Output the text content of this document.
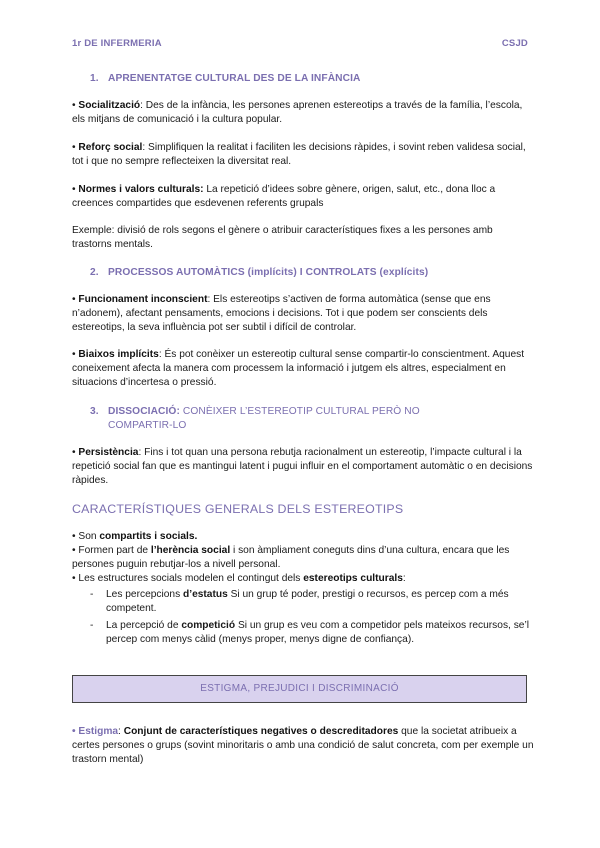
1r DE INFERMERIA	CSJD
1. APRENENTATGE CULTURAL DES DE LA INFÀNCIA
• Socialització: Des de la infància, les persones aprenen estereotips a través de la família, l’escola, els mitjans de comunicació i la cultura popular.
• Reforç social: Simplifiquen la realitat i faciliten les decisions ràpides, i sovint reben validesa social, tot i que no sempre reflecteixen la diversitat real.
• Normes i valors culturals: La repetició d’idees sobre gènere, origen, salut, etc., dona lloc a creences compartides que esdevenen referents grupals
Exemple: divisió de rols segons el gènere o atribuir característiques fixes a les persones amb trastorns mentals.
2. PROCESSOS AUTOMÀTICS (implícits) I CONTROLATS (explícits)
• Funcionament inconscient: Els estereotips s’activen de forma automàtica (sense que ens n’adonem), afectant pensaments, emocions i decisions. Tot i que podem ser conscients dels estereotips, la seva influència pot ser subtil i difícil de controlar.
• Biaixos implícits: És pot conèixer un estereotip cultural sense compartir-lo conscientment. Aquest coneixement afecta la manera com processem la informació i jutgem els altres, especialment en situacions d’incertesa o pressió.
3. DISSOCIACIÓ: CONÈIXER L’ESTEREOTIP CULTURAL PERÒ NO
COMPARTIR-LO
• Persistència: Fins i tot quan una persona rebutja racionalment un estereotip, l’impacte cultural i la repetició social fan que es mantingui latent i pugui influir en el comportament automàtic o en decisions ràpides.
CARACTERÍSTIQUES GENERALS DELS ESTEREOTIPS
• Son compartits i socials.
• Formen part de l’herència social i son àmpliament coneguts dins d’una cultura, encara que les persones puguin rebutjar-los a nivell personal.
• Les estructures socials modelen el contingut dels estereotips culturals:
- Les percepcions d’estatus Si un grup té poder, prestigi o recursos, es percep com a més competent.
- La percepció de competició Si un grup es veu com a competidor pels mateixos recursos, se’l percep com menys càlid (menys proper, menys digne de confiança).
ESTIGMA, PREJUDICI I DISCRIMINACIÓ
• Estigma: Conjunt de característiques negatives o descreditadores que la societat atribueix a certes persones o grups (sovint minoritaris o amb una condició de salut concreta, com per exemple un trastorn mental)
